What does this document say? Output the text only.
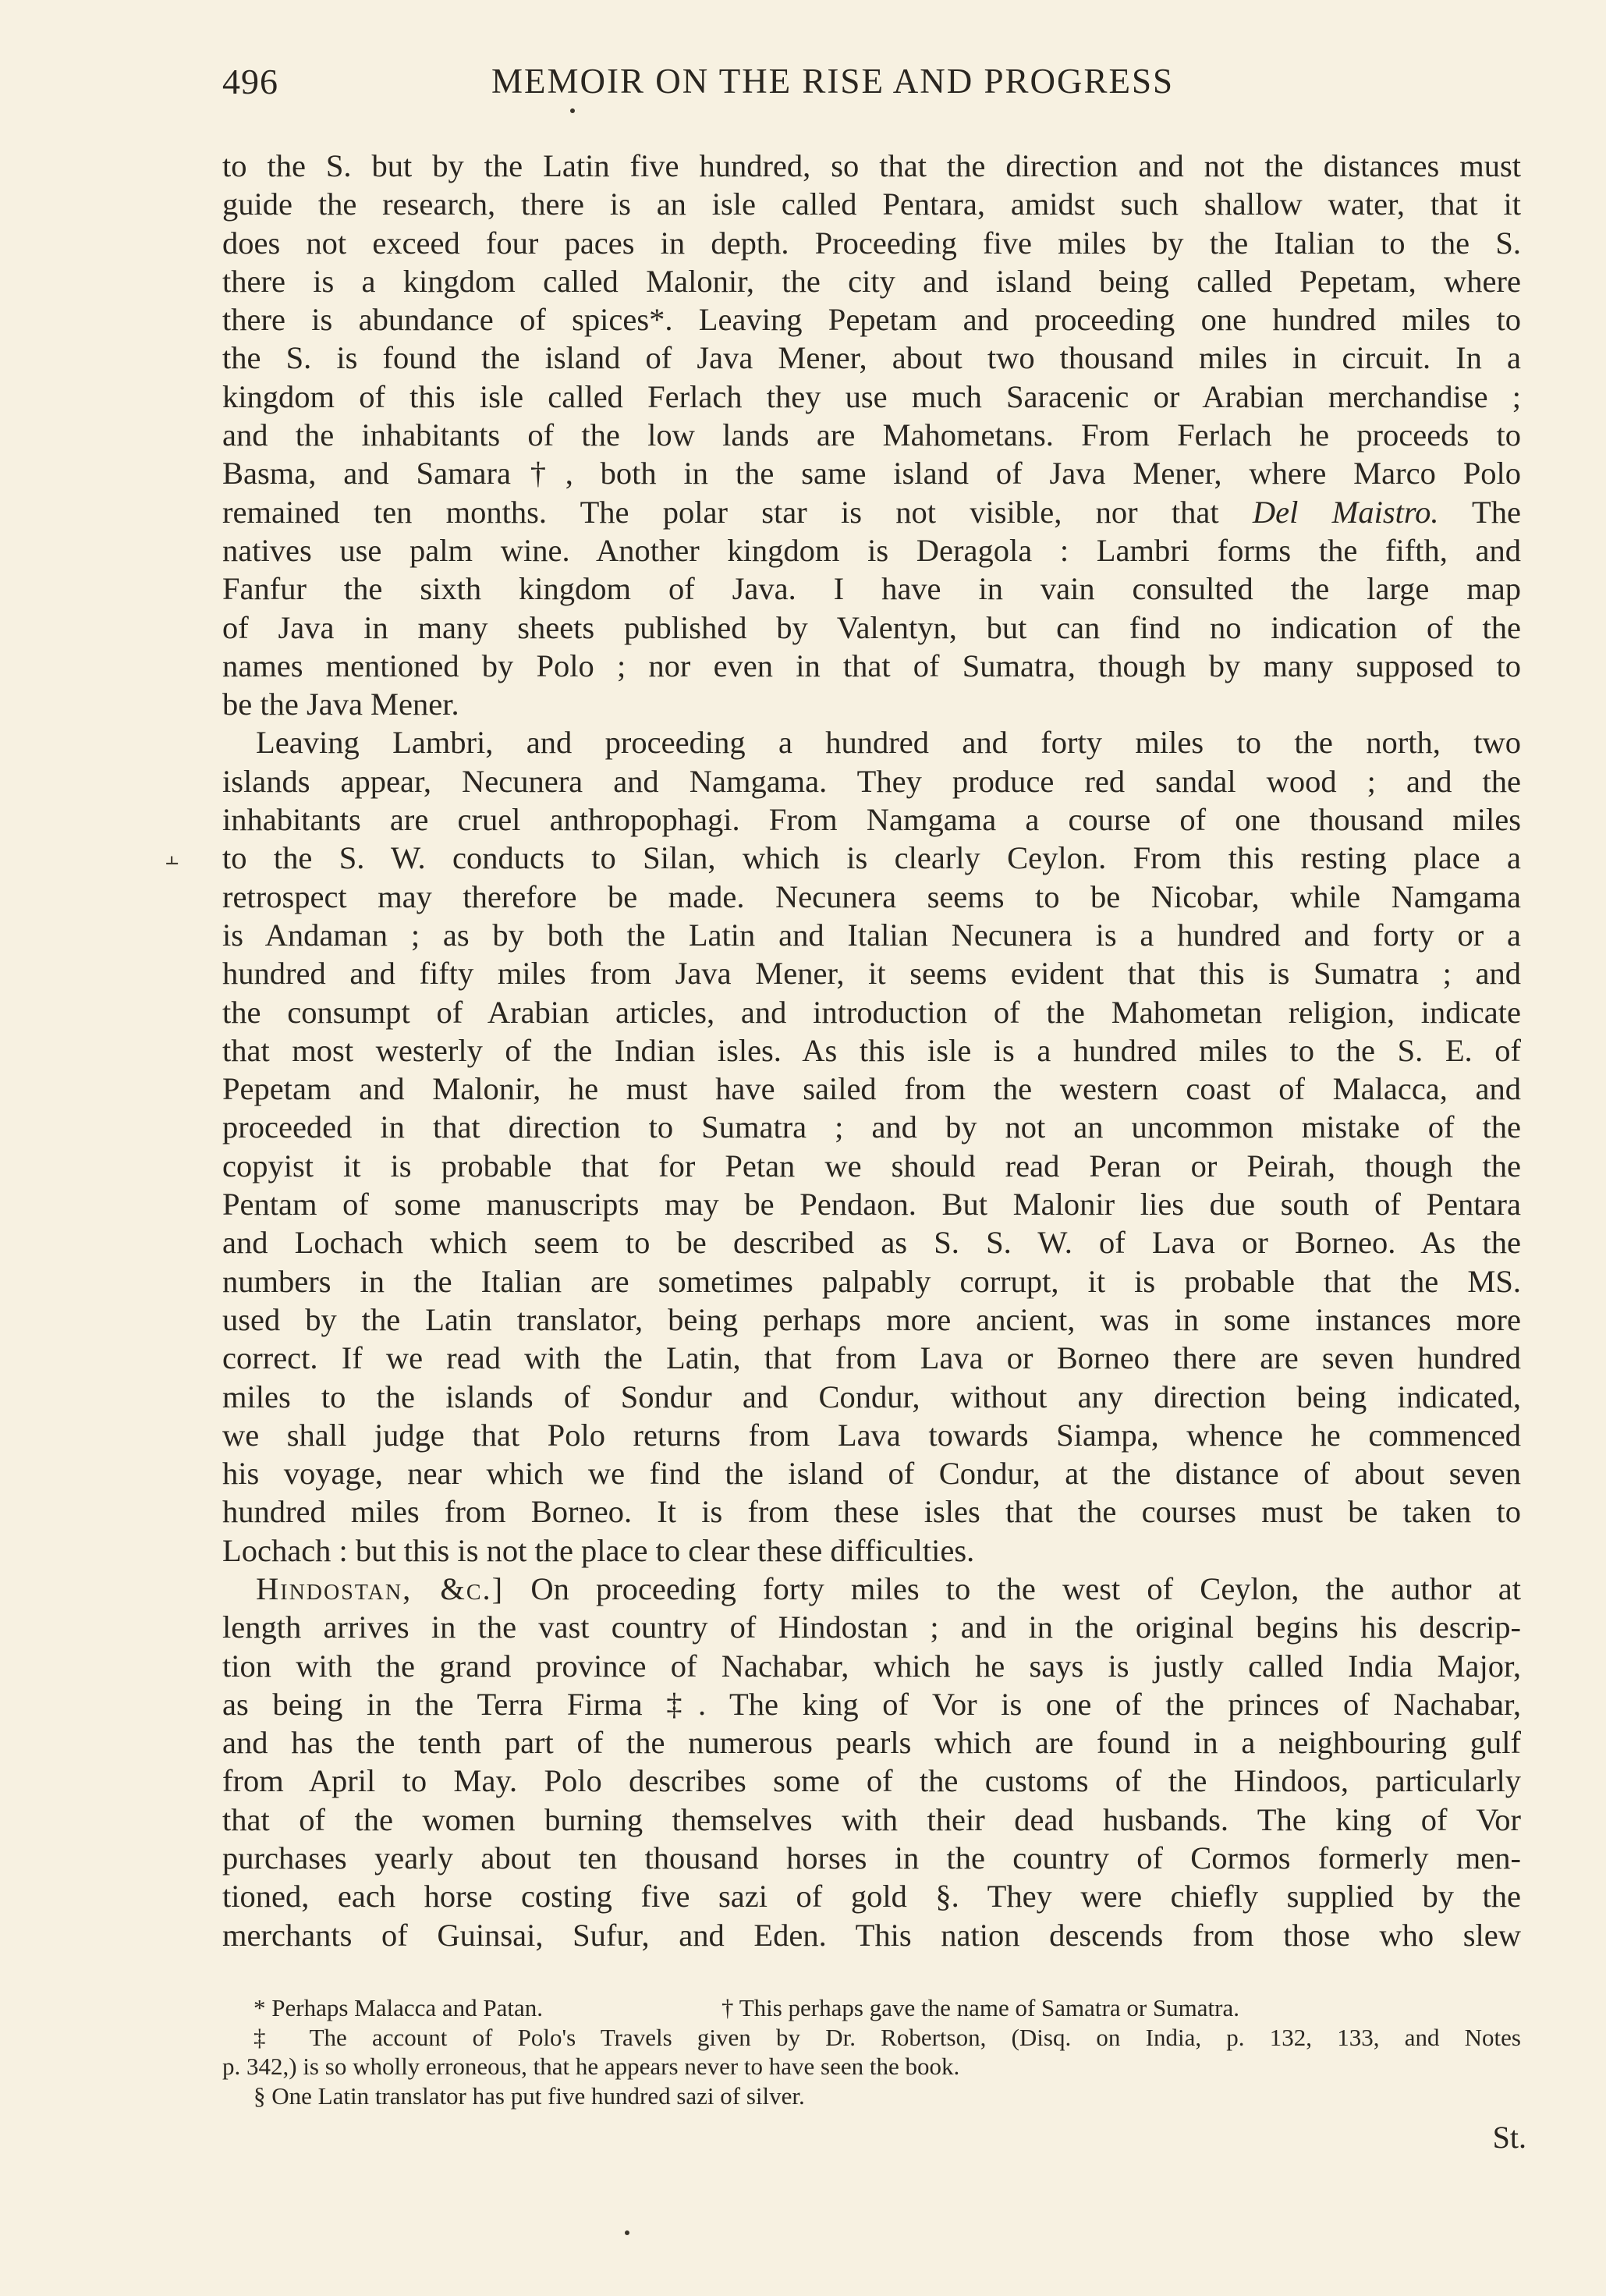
496	MEMOIR ON THE RISE AND PROGRESS
⫠
to the S. but by the Latin five hundred, so that the direction and not the distances must
guide the research, there is an isle called Pentara, amidst such shallow water, that it
does not exceed four paces in depth. Proceeding five miles by the Italian to the S.
there is a kingdom called Malonir, the city and island being called Pepetam, where
there is abundance of spices*. Leaving Pepetam and proceeding one hundred miles to
the S. is found the island of Java Mener, about two thousand miles in circuit. In a
kingdom of this isle called Ferlach they use much Saracenic or Arabian merchandise ;
and the inhabitants of the low lands are Mahometans. From Ferlach he proceeds to
Basma, and Samara†, both in the same island of Java Mener, where Marco Polo
remained ten months. The polar star is not visible, nor that Del Maistro. The
natives use palm wine. Another kingdom is Deragola : Lambri forms the fifth, and
Fanfur the sixth kingdom of Java. I have in vain consulted the large map
of Java in many sheets published by Valentyn, but can find no indication of the
names mentioned by Polo ; nor even in that of Sumatra, though by many supposed to
be the Java Mener.
Leaving Lambri, and proceeding a hundred and forty miles to the north, two
islands appear, Necunera and Namgama. They produce red sandal wood ; and the
inhabitants are cruel anthropophagi. From Namgama a course of one thousand miles
to the S. W. conducts to Silan, which is clearly Ceylon. From this resting place a
retrospect may therefore be made. Necunera seems to be Nicobar, while Namgama
is Andaman ; as by both the Latin and Italian Necunera is a hundred and forty or a
hundred and fifty miles from Java Mener, it seems evident that this is Sumatra ; and
the consumpt of Arabian articles, and introduction of the Mahometan religion, indicate
that most westerly of the Indian isles. As this isle is a hundred miles to the S. E. of
Pepetam and Malonir, he must have sailed from the western coast of Malacca, and
proceeded in that direction to Sumatra ; and by not an uncommon mistake of the
copyist it is probable that for Petan we should read Peran or Peirah, though the
Pentam of some manuscripts may be Pendaon. But Malonir lies due south of Pentara
and Lochach which seem to be described as S. S. W. of Lava or Borneo. As the
numbers in the Italian are sometimes palpably corrupt, it is probable that the MS.
used by the Latin translator, being perhaps more ancient, was in some instances more
correct. If we read with the Latin, that from Lava or Borneo there are seven hundred
miles to the islands of Sondur and Condur, without any direction being indicated,
we shall judge that Polo returns from Lava towards Siampa, whence he commenced
his voyage, near which we find the island of Condur, at the distance of about seven
hundred miles from Borneo. It is from these isles that the courses must be taken to
Lochach : but this is not the place to clear these difficulties.
Hindostan, &c.] On proceeding forty miles to the west of Ceylon, the author at
length arrives in the vast country of Hindostan ; and in the original begins his descrip-
tion with the grand province of Nachabar, which he says is justly called India Major,
as being in the Terra Firma ‡. The king of Vor is one of the princes of Nachabar,
and has the tenth part of the numerous pearls which are found in a neighbouring gulf
from April to May. Polo describes some of the customs of the Hindoos, particularly
that of the women burning themselves with their dead husbands. The king of Vor
purchases yearly about ten thousand horses in the country of Cormos formerly men-
tioned, each horse costing five sazi of gold §. They were chiefly supplied by the
merchants of Guinsai, Sufur, and Eden. This nation descends from those who slew
* Perhaps Malacca and Patan.	† This perhaps gave the name of Samatra or Sumatra.
‡ The account of Polo's Travels given by Dr. Robertson, (Disq. on India, p. 132, 133, and Notes
p. 342,) is so wholly erroneous, that he appears never to have seen the book.
§ One Latin translator has put five hundred sazi of silver.
St.
